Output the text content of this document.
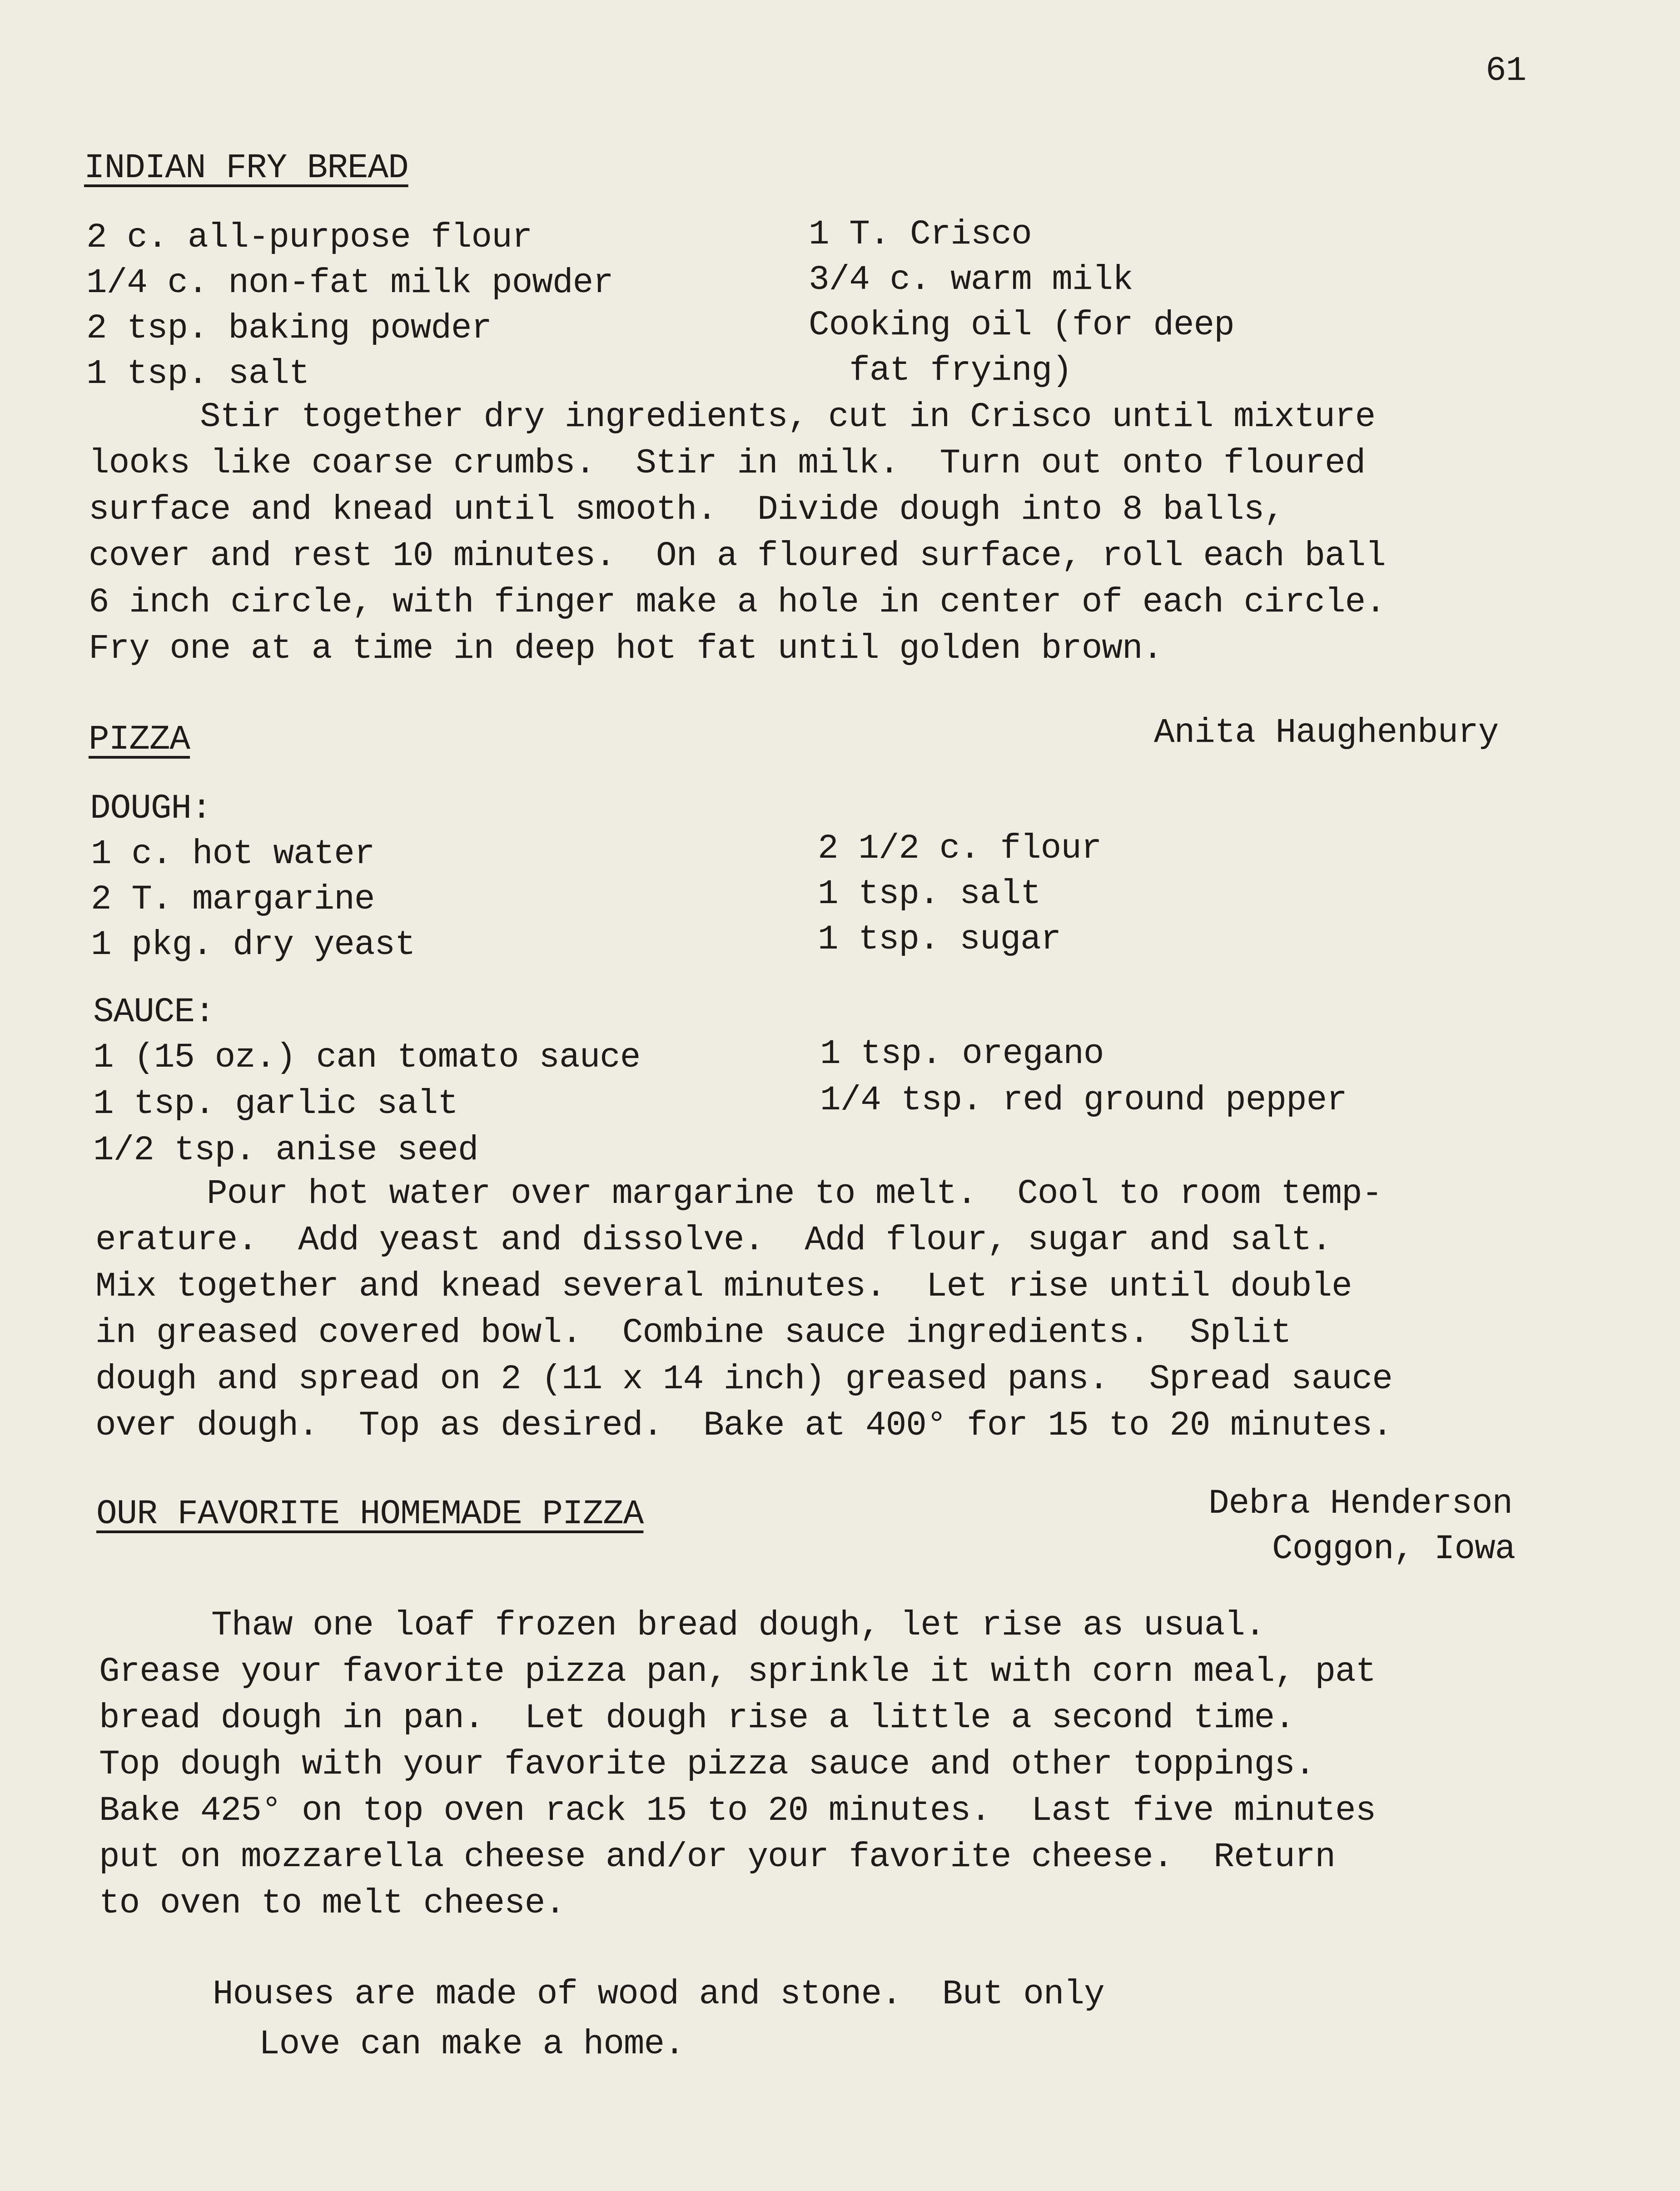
61
INDIAN FRY BREAD
2 c. all-purpose flour
1/4 c. non-fat milk powder
2 tsp. baking powder
1 tsp. salt
1 T. Crisco
3/4 c. warm milk
Cooking oil (for deep
fat frying)
Stir together dry ingredients, cut in Crisco until mixture
looks like coarse crumbs.  Stir in milk.  Turn out onto floured
surface and knead until smooth.  Divide dough into 8 balls,
cover and rest 10 minutes.  On a floured surface, roll each ball
6 inch circle, with finger make a hole in center of each circle.
Fry one at a time in deep hot fat until golden brown.
PIZZA	Anita Haughenbury
DOUGH:
1 c. hot water
2 T. margarine
1 pkg. dry yeast
2 1/2 c. flour
1 tsp. salt
1 tsp. sugar
SAUCE:
1 (15 oz.) can tomato sauce
1 tsp. garlic salt
1/2 tsp. anise seed
1 tsp. oregano
1/4 tsp. red ground pepper
Pour hot water over margarine to melt.  Cool to room temp-
erature.  Add yeast and dissolve.  Add flour, sugar and salt.
Mix together and knead several minutes.  Let rise until double
in greased covered bowl.  Combine sauce ingredients.  Split
dough and spread on 2 (11 x 14 inch) greased pans.  Spread sauce
over dough.  Top as desired.  Bake at 400° for 15 to 20 minutes.
OUR FAVORITE HOMEMADE PIZZA	Debra Henderson
Coggon, Iowa
Thaw one loaf frozen bread dough, let rise as usual.
Grease your favorite pizza pan, sprinkle it with corn meal, pat
bread dough in pan.  Let dough rise a little a second time.
Top dough with your favorite pizza sauce and other toppings.
Bake 425° on top oven rack 15 to 20 minutes.  Last five minutes
put on mozzarella cheese and/or your favorite cheese.  Return
to oven to melt cheese.
Houses are made of wood and stone.  But only
Love can make a home.
